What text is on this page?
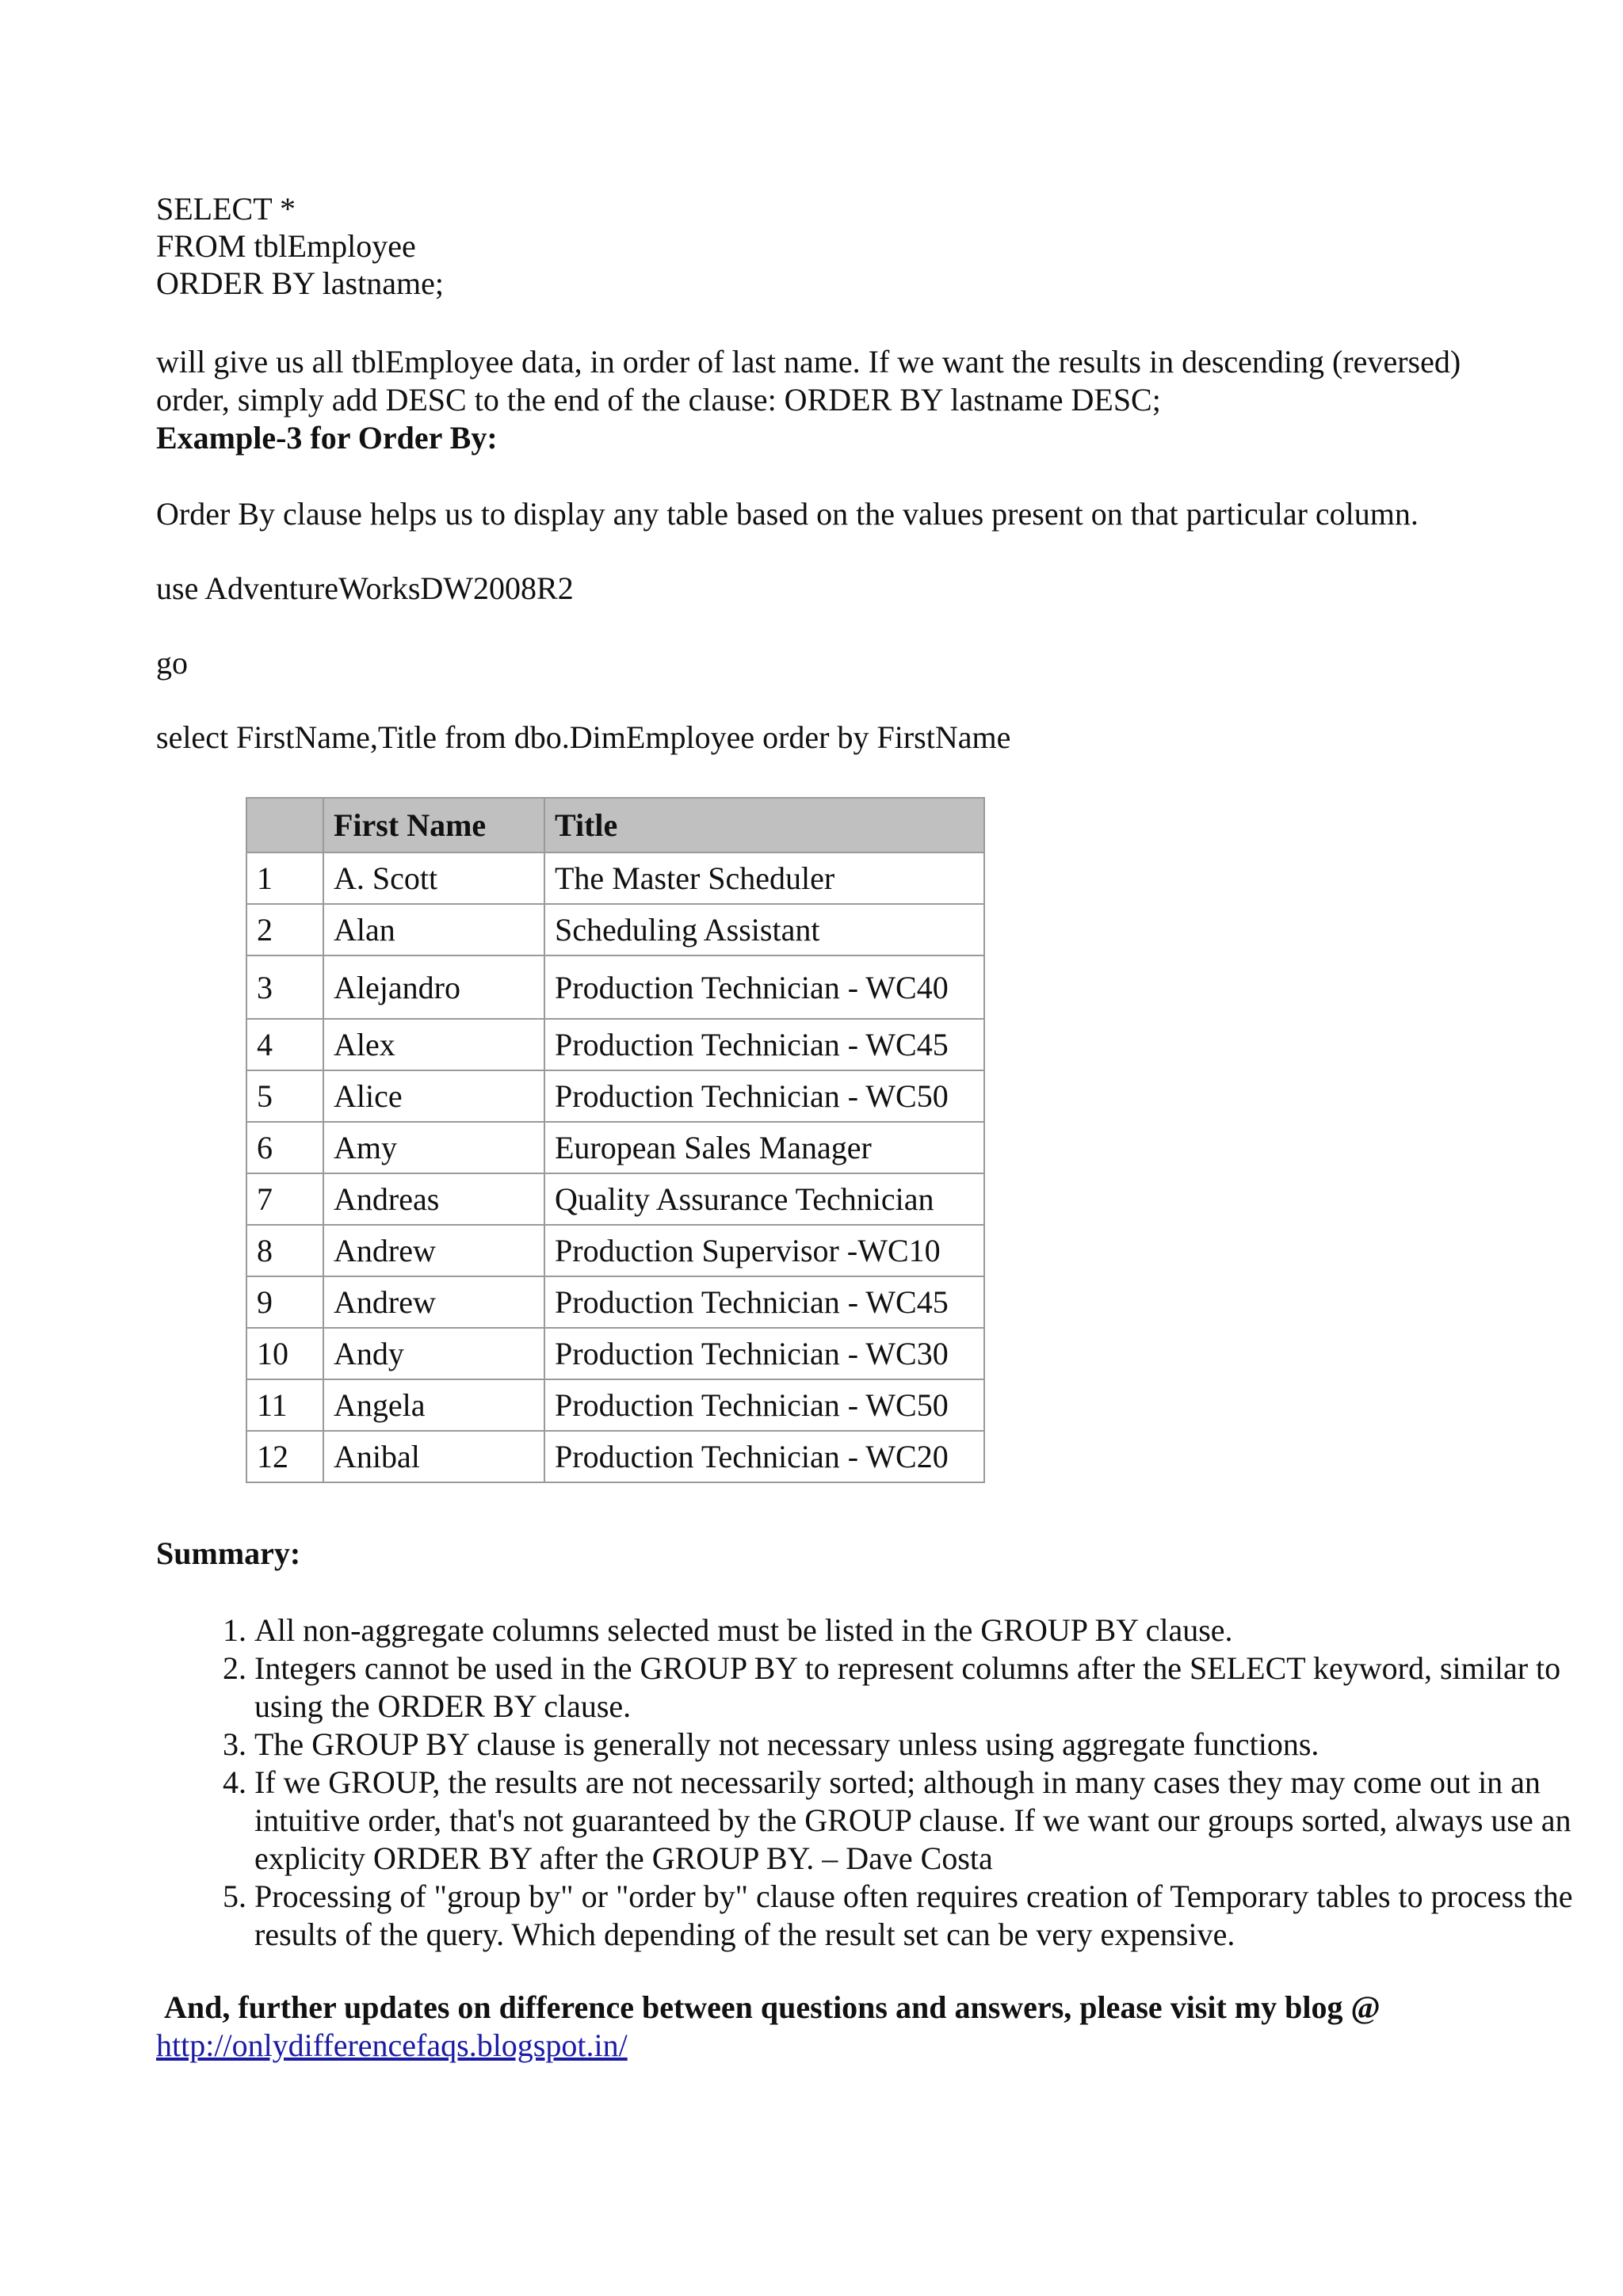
SELECT *
FROM tblEmployee
ORDER BY lastname;
will give us all tblEmployee data, in order of last name. If we want the results in descending (reversed) order, simply add DESC to the end of the clause: ORDER BY lastname DESC;
Example-3 for Order By:

Order By clause helps us to display any table based on the values present on that particular column.

use AdventureWorksDW2008R2

go

select FirstName,Title from dbo.DimEmployee order by FirstName

	First Name	Title
1	A. Scott	The Master Scheduler
2	Alan	Scheduling Assistant
3	Alejandro	Production Technician - WC40
4	Alex	Production Technician - WC45
5	Alice	Production Technician - WC50
6	Amy	European Sales Manager
7	Andreas	Quality Assurance Technician
8	Andrew	Production Supervisor -WC10
9	Andrew	Production Technician - WC45
10	Andy	Production Technician - WC30
11	Angela	Production Technician - WC50
12	Anibal	Production Technician - WC20
Summary:
1. All non-aggregate columns selected must be listed in the GROUP BY clause.
2. Integers cannot be used in the GROUP BY to represent columns after the SELECT keyword, similar to using the ORDER BY clause.
3. The GROUP BY clause is generally not necessary unless using aggregate functions.
4. If we GROUP, the results are not necessarily sorted; although in many cases they may come out in an intuitive order, that's not guaranteed by the GROUP clause. If we want our groups sorted, always use an explicity ORDER BY after the GROUP BY. – Dave Costa
5. Processing of "group by" or "order by" clause often requires creation of Temporary tables to process the results of the query. Which depending of the result set can be very expensive.
And, further updates on difference between questions and answers, please visit my blog @
http://onlydifferencefaqs.blogspot.in/
